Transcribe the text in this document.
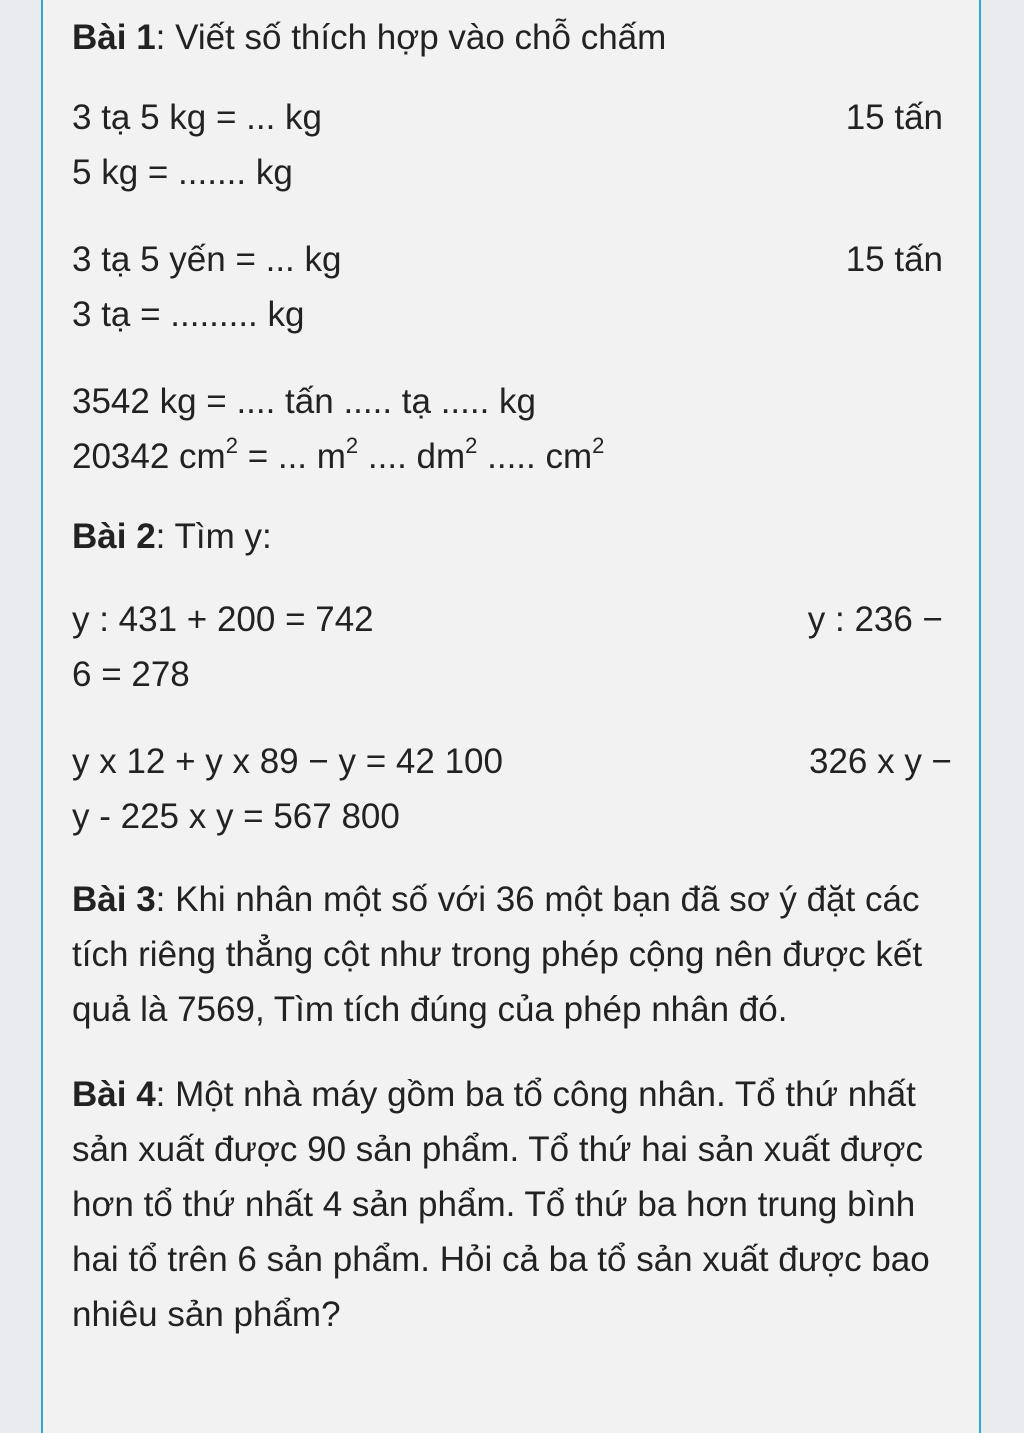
Bài 1: Viết số thích hợp vào chỗ chấm
3 tạ 5 kg = ... kg	15 tấn
5 kg = ....... kg
3 tạ 5 yến = ... kg	15 tấn
3 tạ = ......... kg
3542 kg = .... tấn ..... tạ ..... kg
20342 $cm^2$ = ... $m^2$ .... $dm^2$ ..... $cm^2$
Bài 2: Tìm y:
y : 431 + 200 = 742	y : 236 −
6 = 278
y x 12 + y x 89 − y = 42 100	326 x y −
y - 225 x y = 567 800
Bài 3: Khi nhân một số với 36 một bạn đã sơ ý đặt các tích riêng thẳng cột như trong phép cộng nên được kết quả là 7569, Tìm tích đúng của phép nhân đó.
Bài 4: Một nhà máy gồm ba tổ công nhân. Tổ thứ nhất sản xuất được 90 sản phẩm. Tổ thứ hai sản xuất được hơn tổ thứ nhất 4 sản phẩm. Tổ thứ ba hơn trung bình hai tổ trên 6 sản phẩm. Hỏi cả ba tổ sản xuất được bao nhiêu sản phẩm?
